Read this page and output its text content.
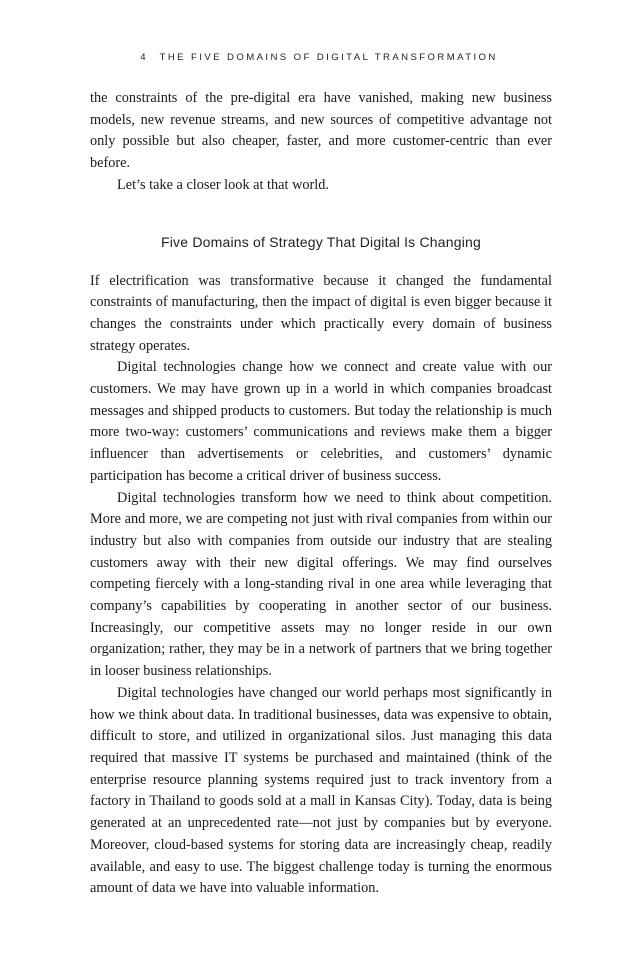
4 THE FIVE DOMAINS OF DIGITAL TRANSFORMATION

the constraints of the pre-digital era have vanished, making new business models, new revenue streams, and new sources of competitive advantage not only possible but also cheaper, faster, and more customer-centric than ever before.

Let’s take a closer look at that world.

Five Domains of Strategy That Digital Is Changing

If electrification was transformative because it changed the fundamental constraints of manufacturing, then the impact of digital is even bigger because it changes the constraints under which practically every domain of business strategy operates.

Digital technologies change how we connect and create value with our customers. We may have grown up in a world in which companies broadcast messages and shipped products to customers. But today the relationship is much more two-way: customers’ communications and reviews make them a bigger influencer than advertisements or celebrities, and customers’ dynamic participation has become a critical driver of business success.

Digital technologies transform how we need to think about competition. More and more, we are competing not just with rival companies from within our industry but also with companies from outside our industry that are stealing customers away with their new digital offerings. We may find ourselves competing fiercely with a long-standing rival in one area while leveraging that company’s capabilities by cooperating in another sector of our business. Increasingly, our competitive assets may no longer reside in our own organization; rather, they may be in a network of partners that we bring together in looser business relationships.

Digital technologies have changed our world perhaps most significantly in how we think about data. In traditional businesses, data was expensive to obtain, difficult to store, and utilized in organizational silos. Just managing this data required that massive IT systems be purchased and maintained (think of the enterprise resource planning systems required just to track inventory from a factory in Thailand to goods sold at a mall in Kansas City). Today, data is being generated at an unprecedented rate—not just by companies but by everyone. Moreover, cloud-based systems for storing data are increasingly cheap, readily available, and easy to use. The biggest challenge today is turning the enormous amount of data we have into valuable information.
